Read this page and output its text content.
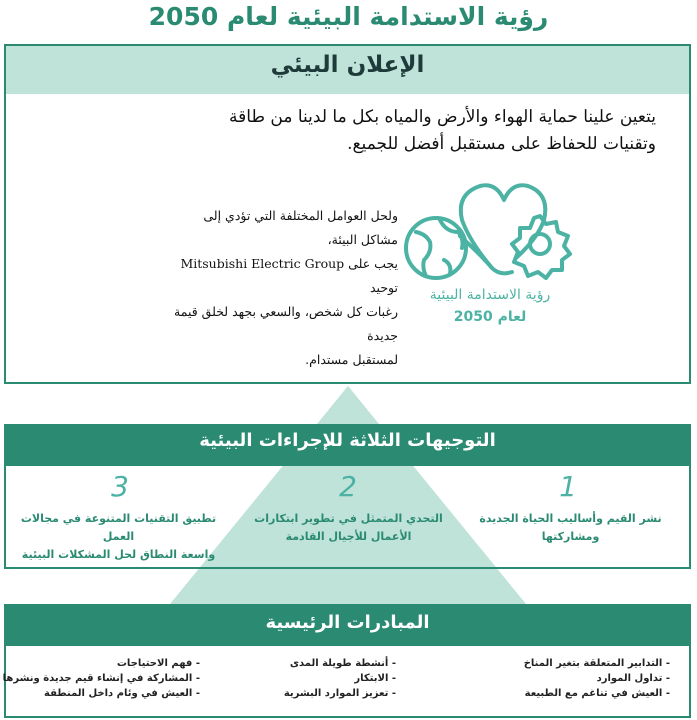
رؤية الاستدامة البيئية لعام 2050
الإعلان البيئي
يتعين علينا حماية الهواء والأرض والمياه بكل ما لدينا من طاقة
وتقنيات للحفاظ على مستقبل أفضل للجميع.
ولحل العوامل المختلفة التي تؤدي إلى مشاكل البيئة،
يجب على Mitsubishi Electric Group توحيد
رغبات كل شخص، والسعي بجهد لخلق قيمة جديدة
لمستقبل مستدام.
رؤية الاستدامة البيئية
لعام 2050
التوجيهات الثلاثة للإجراءات البيئية
1
نشر القيم وأساليب الحياة الجديدة ومشاركتها
2
التحدي المتمثل في تطوير ابتكارات
الأعمال للأجيال القادمة
3
تطبيق التقنيات المتنوعة في مجالات العمل
واسعة النطاق لحل المشكلات البيئية
المبادرات الرئيسية
- التدابير المتعلقة بتغير المناخ
- تداول الموارد
- العيش في تناغم مع الطبيعة
- أنشطة طويلة المدى
- الابتكار
- تعزيز الموارد البشرية
- فهم الاحتياجات
- المشاركة في إنشاء قيم جديدة ونشرها
- العيش في وئام داخل المنطقة
